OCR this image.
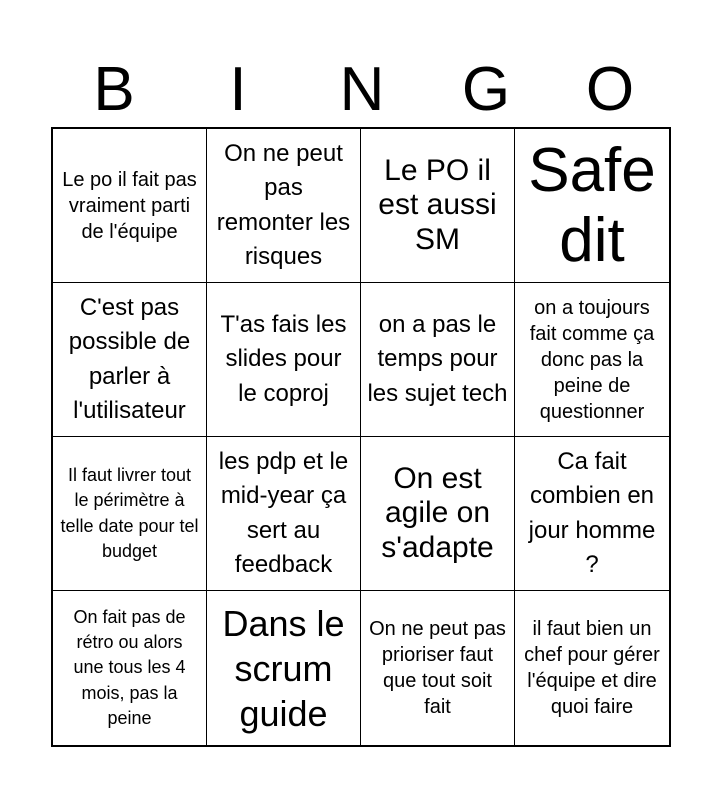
B	I	N	G	O
Le po il fait pas vraiment parti de l'équipe
On ne peut pas remonter les risques
Le PO il est aussi SM
Safe dit
C'est pas possible de parler à l'utilisateur
T'as fais les slides pour le coproj
on a pas le temps pour les sujet tech
on a toujours fait comme ça donc pas la peine de questionner
Il faut livrer tout le périmètre à telle date pour tel budget
les pdp et le mid-year ça sert au feedback
On est agile on s'adapte
Ca fait combien en jour homme ?
On fait pas de rétro ou alors une tous les 4 mois, pas la peine
Dans le scrum guide
On ne peut pas prioriser faut que tout soit fait
il faut bien un chef pour gérer l'équipe et dire quoi faire
